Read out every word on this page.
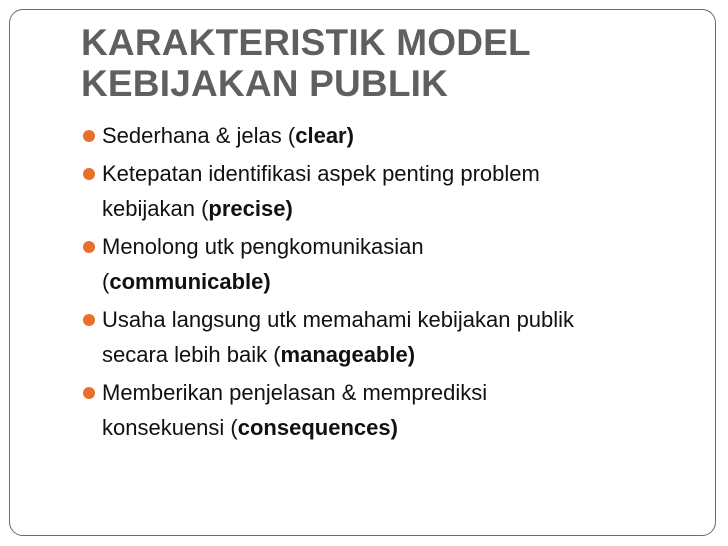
KARAKTERISTIK MODEL
KEBIJAKAN PUBLIK
Sederhana & jelas (clear)
Ketepatan identifikasi aspek penting problem
kebijakan (precise)
Menolong utk pengkomunikasian
(communicable)
Usaha langsung utk memahami kebijakan publik
secara lebih baik (manageable)
Memberikan penjelasan & memprediksi
konsekuensi (consequences)
